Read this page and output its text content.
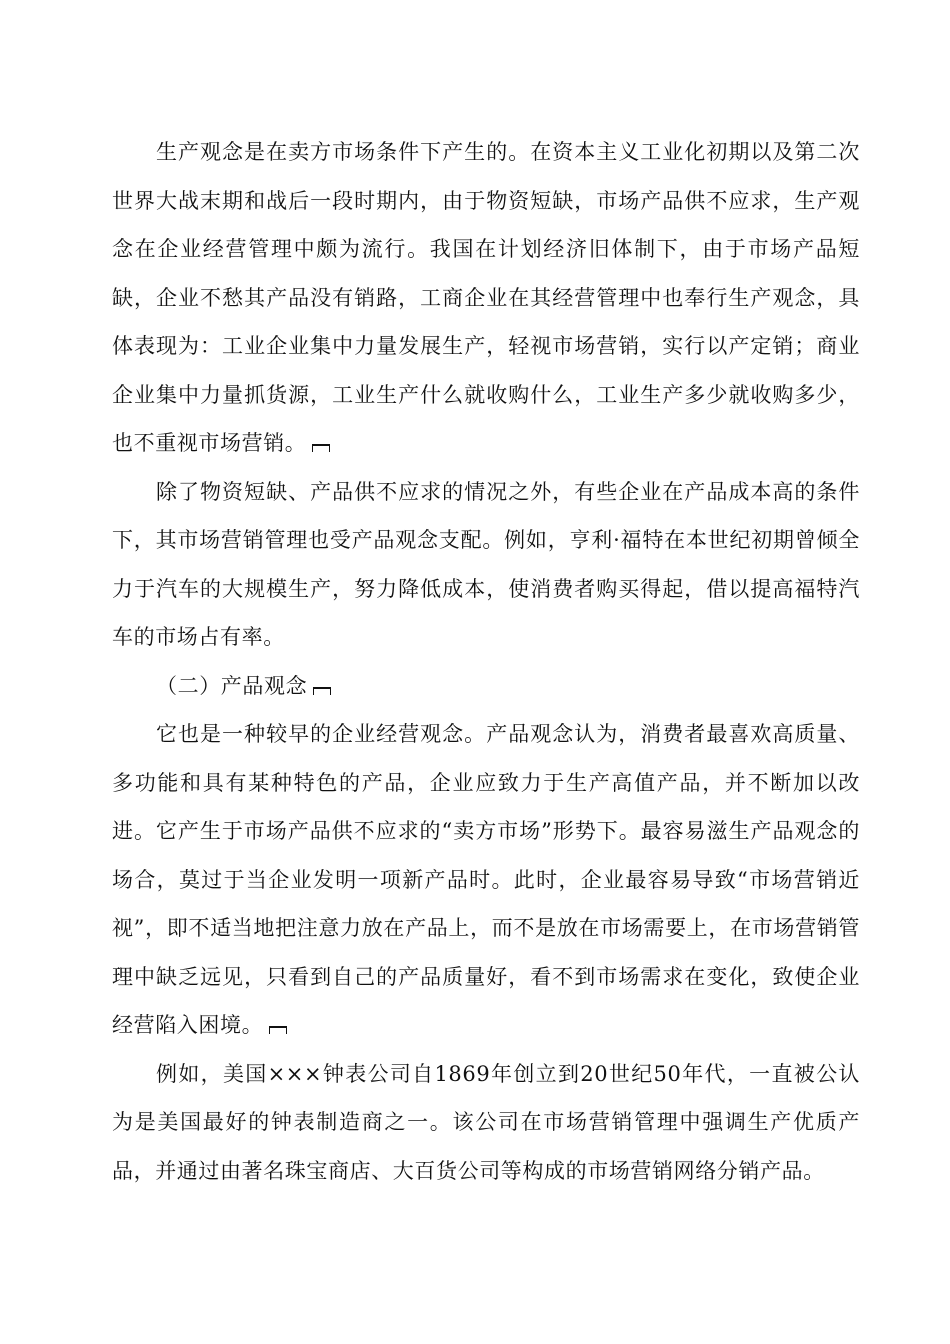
生产观念是在卖方市场条件下产生的。在资本主义工业化初期以及第二次世界大战末期和战后一段时期内，由于物资短缺，市场产品供不应求，生产观念在企业经营管理中颇为流行。我国在计划经济旧体制下，由于市场产品短缺，企业不愁其产品没有销路，工商企业在其经营管理中也奉行生产观念，具体表现为：工业企业集中力量发展生产，轻视市场营销，实行以产定销；商业企业集中力量抓货源，工业生产什么就收购什么，工业生产多少就收购多少，也不重视市场营销。

除了物资短缺、产品供不应求的情况之外，有些企业在产品成本高的条件下，其市场营销管理也受产品观念支配。例如，亨利·福特在本世纪初期曾倾全力于汽车的大规模生产，努力降低成本，使消费者购买得起，借以提高福特汽车的市场占有率。

（二）产品观念

它也是一种较早的企业经营观念。产品观念认为，消费者最喜欢高质量、多功能和具有某种特色的产品，企业应致力于生产高值产品，并不断加以改进。它产生于市场产品供不应求的“卖方市场”形势下。最容易滋生产品观念的场合，莫过于当企业发明一项新产品时。此时，企业最容易导致“市场营销近视”，即不适当地把注意力放在产品上，而不是放在市场需要上，在市场营销管理中缺乏远见，只看到自己的产品质量好，看不到市场需求在变化，致使企业经营陷入困境。

例如，美国×××钟表公司自1869年创立到20世纪50年代，一直被公认为是美国最好的钟表制造商之一。该公司在市场营销管理中强调生产优质产品，并通过由著名珠宝商店、大百货公司等构成的市场营销网络分销产品。
